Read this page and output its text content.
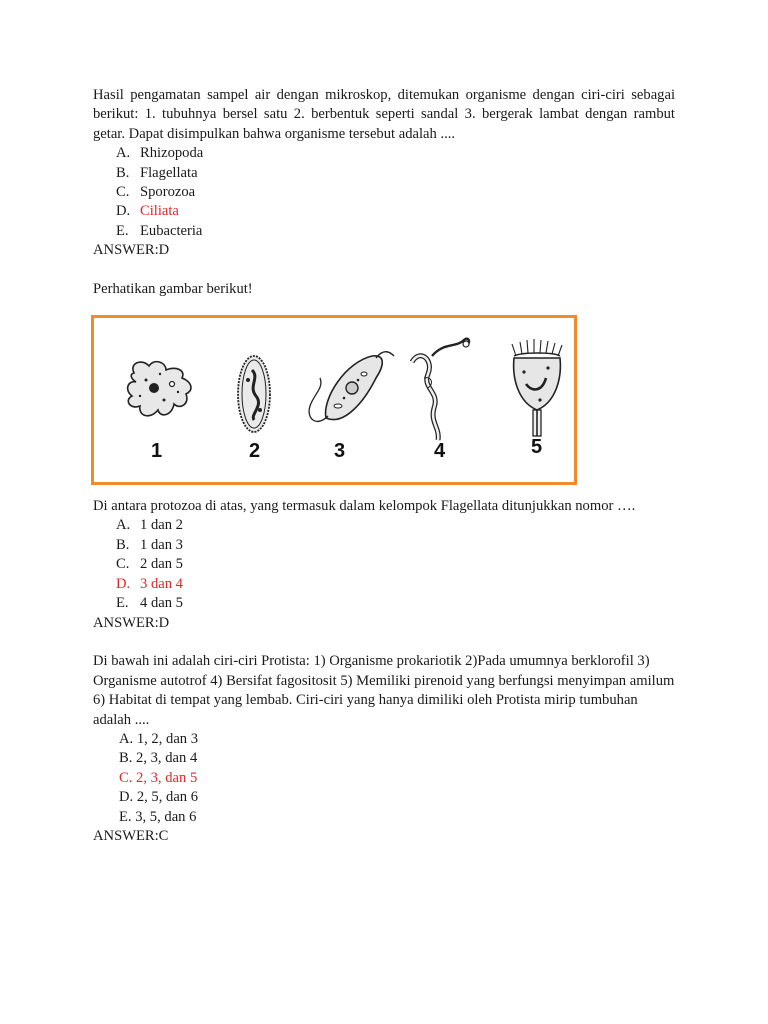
Hasil pengamatan sampel air dengan mikroskop, ditemukan organisme dengan ciri-ciri sebagai berikut: 1. tubuhnya bersel satu 2. berbentuk seperti sandal 3. bergerak lambat dengan rambut getar. Dapat disimpulkan bahwa organisme tersebut adalah ....

A. Rhizopoda
B. Flagellata
C. Sporozoa
D. Ciliata
E. Eubacteria

ANSWER:D

Perhatikan gambar berikut!

1	2	3	4	5

Di antara protozoa di atas, yang termasuk dalam kelompok Flagellata ditunjukkan nomor ….

A. 1 dan 2
B. 1 dan 3
C. 2 dan 5
D. 3 dan 4
E. 4 dan 5

ANSWER:D

Di bawah ini adalah ciri-ciri Protista: 1) Organisme prokariotik 2)Pada umumnya berklorofil 3) Organisme autotrof 4) Bersifat fagositosit 5) Memiliki pirenoid yang berfungsi menyimpan amilum 6) Habitat di tempat yang lembab. Ciri-ciri yang hanya dimiliki oleh Protista mirip tumbuhan adalah ....

A. 1, 2, dan 3

B. 2, 3, dan 4

C. 2, 3, dan 5

D. 2, 5, dan 6

E. 3, 5, dan 6

ANSWER:C
